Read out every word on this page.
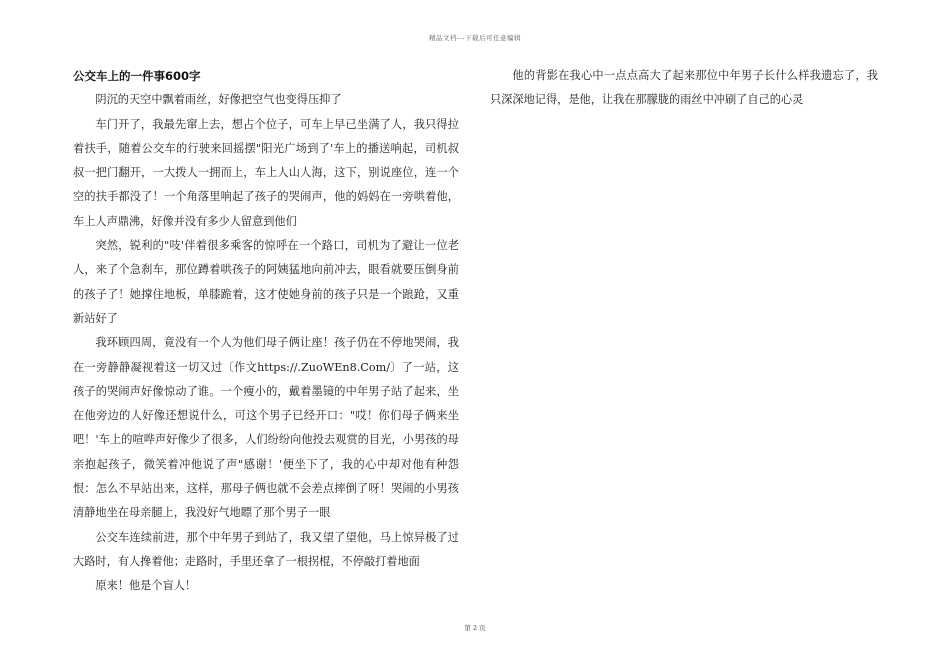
精品文档---下载后可任意编辑
公交车上的一件事600字

阴沉的天空中飘着雨丝，好像把空气也变得压抑了

车门开了，我最先窜上去，想占个位子，可车上早已坐满了人，我只得拉着扶手，随着公交车的行驶来回摇摆"阳光广场到了'车上的播送响起，司机叔叔一把门翻开，一大拨人一拥而上，车上人山人海，这下，别说座位，连一个空的扶手都没了！一个角落里响起了孩子的哭闹声，他的妈妈在一旁哄着他，车上人声鼎沸，好像并没有多少人留意到他们

突然，锐利的"吱'伴着很多乘客的惊呼在一个路口，司机为了避让一位老人，来了个急刹车，那位蹲着哄孩子的阿姨猛地向前冲去，眼看就要压倒身前的孩子了！她撑住地板，单膝跪着，这才使她身前的孩子只是一个踉跄，又重新站好了

我环顾四周，竟没有一个人为他们母子俩让座！孩子仍在不停地哭闹，我在一旁静静凝视着这一切又过〔作文https://.ZuoWEn8.Com/〕了一站，这孩子的哭闹声好像惊动了谁。一个瘦小的，戴着墨镜的中年男子站了起来，坐在他旁边的人好像还想说什么，可这个男子已经开口："哎！你们母子俩来坐吧！'车上的喧哗声好像少了很多，人们纷纷向他投去观赏的目光，小男孩的母亲抱起孩子，微笑着冲他说了声"感谢！'便坐下了，我的心中却对他有种怨恨：怎么不早站出来，这样，那母子俩也就不会差点摔倒了呀！哭闹的小男孩清静地坐在母亲腿上，我没好气地瞟了那个男子一眼

公交车连续前进，那个中年男子到站了，我又望了望他，马上惊异极了过大路时，有人搀着他；走路时，手里还拿了一根拐棍，不停敲打着地面

原来！他是个盲人！

他的背影在我心中一点点高大了起来那位中年男子长什么样我遗忘了，我只深深地记得，是他，让我在那朦胧的雨丝中冲刷了自己的心灵

第 2 页
